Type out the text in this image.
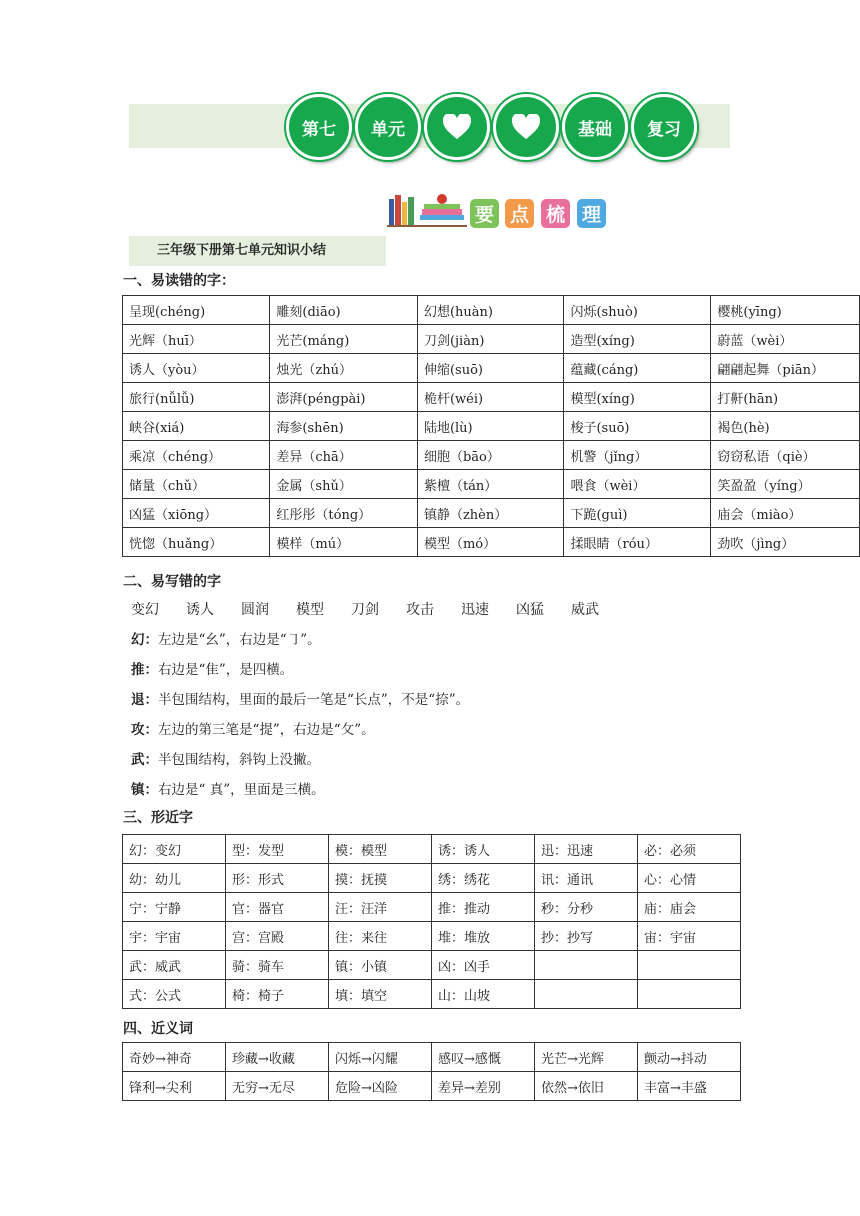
第七 单元	基础 复习
要 点 梳 理
三年级下册第七单元知识小结
一、易读错的字：
呈现(chéng)	雕刻(diāo)	幻想(huàn)	闪烁(shuò)	樱桃(yīng)
光辉（huī）	光芒(máng)	刀剑(jiàn)	造型(xíng)	蔚蓝（wèi）
诱人（yòu）	烛光（zhú）	伸缩(suō)	蕴藏(cáng)	翩翩起舞（piān）
旅行(nǚlǚ)	澎湃(péngpài)	桅杆(wéi)	模型(xíng)	打鼾(hān)
峡谷(xiá)	海参(shēn)	陆地(lù)	梭子(suō)	褐色(hè)
乘凉（chéng）	差异（chā）	细胞（bāo）	机警（jǐng）	窃窃私语（qiè）
储量（chǔ）	金属（shǔ）	紫檀（tán）	喂食（wèi）	笑盈盈（yíng）
凶猛（xiōng）	红彤彤（tóng）	镇静（zhèn）	下跪(guì)	庙会（miào）
恍惚（huǎng）	模样（mú）	模型（mó）	揉眼睛（róu）	劲吹（jìng）
二、易写错的字
变幻 诱人 圆润 模型 刀剑 攻击 迅速 凶猛 威武
幻：左边是“幺”，右边是“㇆”。
推：右边是“隹”，是四横。
退：半包围结构，里面的最后一笔是“长点”，不是“捺”。
攻：左边的第三笔是“提”，右边是“攵”。
武：半包围结构，斜钩上没撇。
镇：右边是“ 真”，里面是三横。
三、形近字
幻：变幻	型：发型	模：模型	诱：诱人	迅：迅速	必：必须
幼：幼儿	形：形式	摸：抚摸	绣：绣花	讯：通讯	心：心情
宁：宁静	官：器官	汪：汪洋	推：推动	秒：分秒	庙：庙会
宇：宇宙	宫：宫殿	往：来往	堆：堆放	抄：抄写	宙：宇宙
武：威武	骑：骑车	镇：小镇	凶：凶手		
式：公式	椅：椅子	填：填空	山：山坡		
四、近义词
奇妙→神奇	珍藏→收藏	闪烁→闪耀	感叹→感慨	光芒→光辉	颤动→抖动
锋利→尖利	无穷→无尽	危险→凶险	差异→差别	依然→依旧	丰富→丰盛
